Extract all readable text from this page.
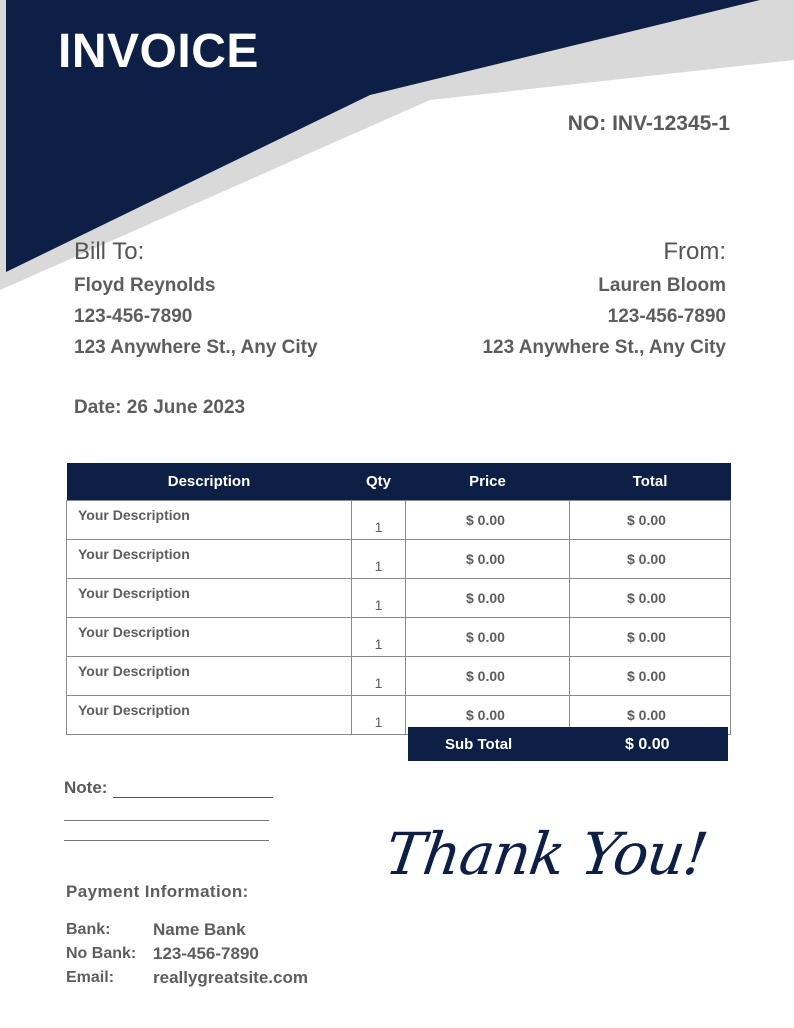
INVOICE
NO: INV-12345-1
Bill To:
Floyd Reynolds
123-456-7890
123 Anywhere St., Any City
From:
Lauren Bloom
123-456-7890
123 Anywhere St., Any City
Date: 26 June 2023
Description	Qty	Price	Total
Your Description	1	$ 0.00	$ 0.00
Your Description	1	$ 0.00	$ 0.00
Your Description	1	$ 0.00	$ 0.00
Your Description	1	$ 0.00	$ 0.00
Your Description	1	$ 0.00	$ 0.00
Your Description	1	$ 0.00	$ 0.00
Sub Total	$ 0.00
Note:
Thank You!
Payment Information:
Bank:	Name Bank
No Bank: 123-456-7890
Email: reallygreatsite.com
